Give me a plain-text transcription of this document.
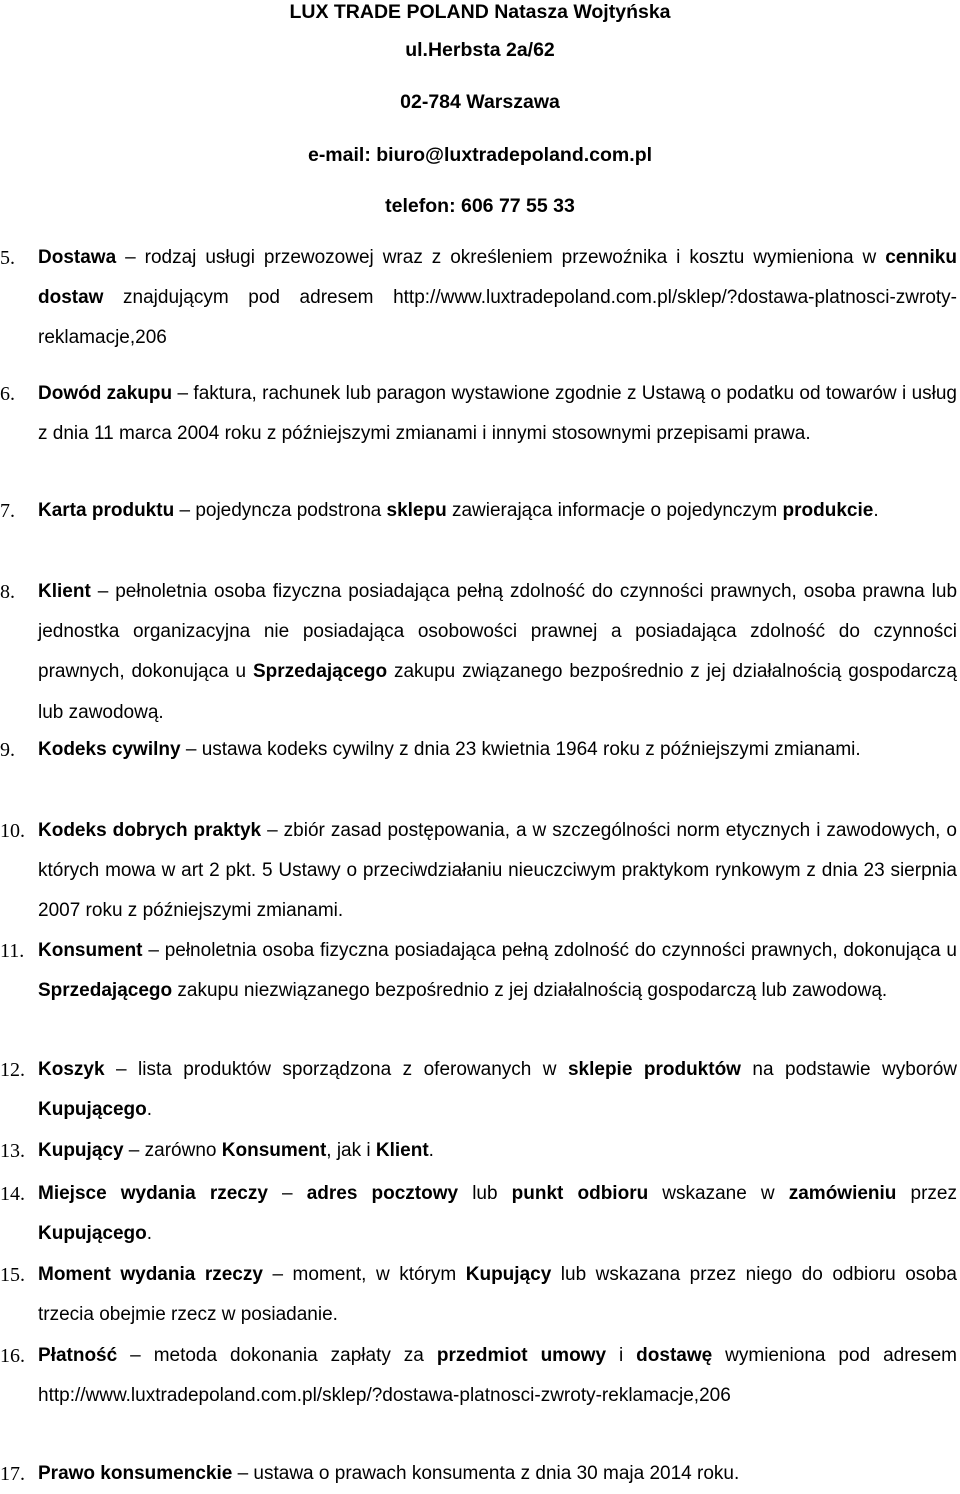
LUX TRADE POLAND Natasza Wojtyńska
ul.Herbsta 2a/62
02-784 Warszawa
e-mail: biuro@luxtradepoland.com.pl
telefon: 606 77 55 33
5.	Dostawa – rodzaj usługi przewozowej wraz z określeniem przewoźnika i kosztu wymieniona w cenniku dostaw znajdującym pod adresem http://www.luxtradepoland.com.pl/sklep/?dostawa-platnosci-zwroty-reklamacje,206
6.	Dowód zakupu – faktura, rachunek lub paragon wystawione zgodnie z Ustawą o podatku od towarów i usług z dnia 11 marca 2004 roku z późniejszymi zmianami i innymi stosownymi przepisami prawa.
7.	Karta produktu – pojedyncza podstrona sklepu zawierająca informacje o pojedynczym produkcie.
8.	Klient – pełnoletnia osoba fizyczna posiadająca pełną zdolność do czynności prawnych, osoba prawna lub jednostka organizacyjna nie posiadająca osobowości prawnej a posiadająca zdolność do czynności prawnych, dokonująca u Sprzedającego zakupu związanego bezpośrednio z jej działalnością gospodarczą lub zawodową.
9.	Kodeks cywilny – ustawa kodeks cywilny z dnia 23 kwietnia 1964 roku z późniejszymi zmianami.
10. Kodeks dobrych praktyk – zbiór zasad postępowania, a w szczególności norm etycznych i zawodowych, o których mowa w art 2 pkt. 5 Ustawy o przeciwdziałaniu nieuczciwym praktykom rynkowym z dnia 23 sierpnia 2007 roku z późniejszymi zmianami.
11. Konsument – pełnoletnia osoba fizyczna posiadająca pełną zdolność do czynności prawnych, dokonująca u Sprzedającego zakupu niezwiązanego bezpośrednio z jej działalnością gospodarczą lub zawodową.
12. Koszyk – lista produktów sporządzona z oferowanych w sklepie produktów na podstawie wyborów Kupującego.
13. Kupujący – zarówno Konsument, jak i Klient.
14. Miejsce wydania rzeczy – adres pocztowy lub punkt odbioru wskazane w zamówieniu przez Kupującego.
15. Moment wydania rzeczy – moment, w którym Kupujący lub wskazana przez niego do odbioru osoba trzecia obejmie rzecz w posiadanie.
16. Płatność – metoda dokonania zapłaty za przedmiot umowy i dostawę wymieniona pod adresem http://www.luxtradepoland.com.pl/sklep/?dostawa-platnosci-zwroty-reklamacje,206
17. Prawo konsumenckie – ustawa o prawach konsumenta z dnia 30 maja 2014 roku.
